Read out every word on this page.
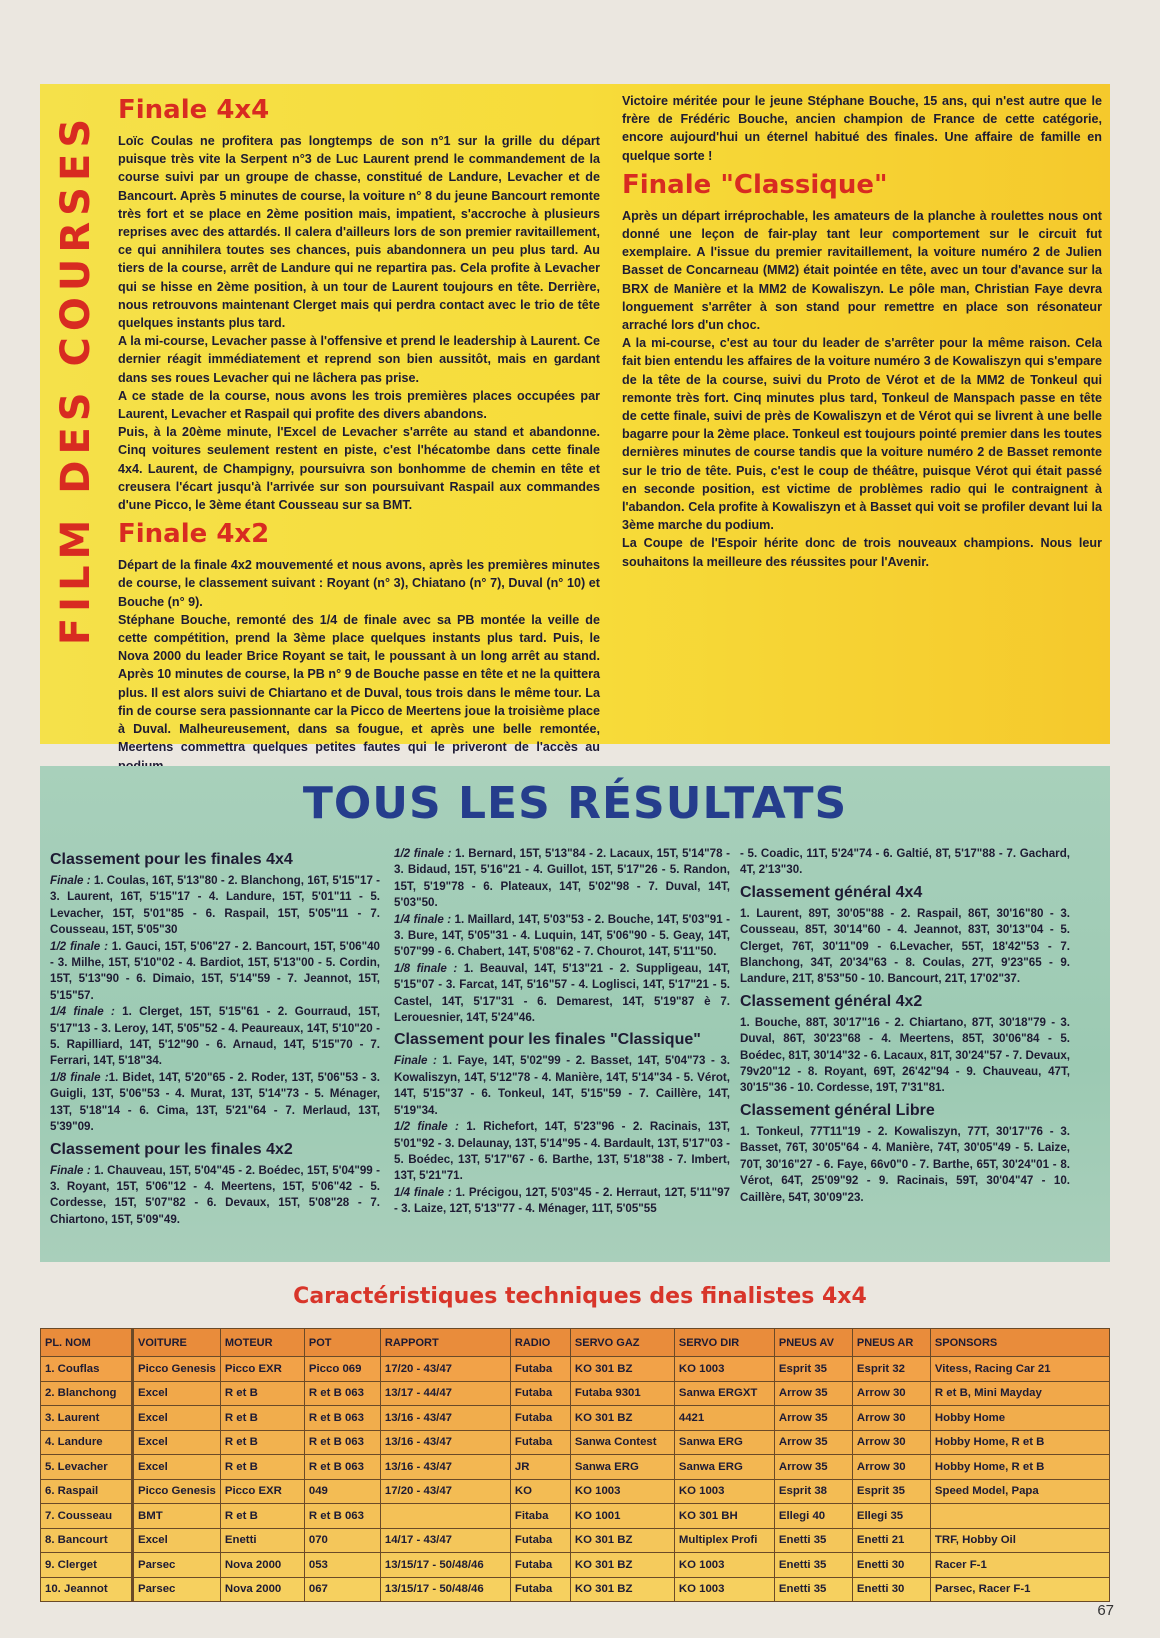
FILM DES COURSES
Finale 4x4

Loïc Coulas ne profitera pas longtemps de son n°1 sur la grille du départ puisque très vite la Serpent n°3 de Luc Laurent prend le commandement de la course suivi par un groupe de chasse, constitué de Landure, Levacher et de Bancourt. Après 5 minutes de course, la voiture n° 8 du jeune Bancourt remonte très fort et se place en 2ème position mais, impatient, s'accroche à plusieurs reprises avec des attardés. Il calera d'ailleurs lors de son premier ravitaillement, ce qui annihilera toutes ses chances, puis abandonnera un peu plus tard. Au tiers de la course, arrêt de Landure qui ne repartira pas. Cela profite à Levacher qui se hisse en 2ème position, à un tour de Laurent toujours en tête. Derrière, nous retrouvons maintenant Clerget mais qui perdra contact avec le trio de tête quelques instants plus tard.

A la mi-course, Levacher passe à l'offensive et prend le leadership à Laurent. Ce dernier réagit immédiatement et reprend son bien aussitôt, mais en gardant dans ses roues Levacher qui ne lâchera pas prise.

A ce stade de la course, nous avons les trois premières places occupées par Laurent, Levacher et Raspail qui profite des divers abandons.

Puis, à la 20ème minute, l'Excel de Levacher s'arrête au stand et abandonne. Cinq voitures seulement restent en piste, c'est l'hécatombe dans cette finale 4x4. Laurent, de Champigny, poursuivra son bonhomme de chemin en tête et creusera l'écart jusqu'à l'arrivée sur son poursuivant Raspail aux commandes d'une Picco, le 3ème étant Cousseau sur sa BMT.

Finale 4x2

Départ de la finale 4x2 mouvementé et nous avons, après les premières minutes de course, le classement suivant : Royant (n° 3), Chiatano (n° 7), Duval (n° 10) et Bouche (n° 9).

Stéphane Bouche, remonté des 1/4 de finale avec sa PB montée la veille de cette compétition, prend la 3ème place quelques instants plus tard. Puis, le Nova 2000 du leader Brice Royant se tait, le poussant à un long arrêt au stand. Après 10 minutes de course, la PB n° 9 de Bouche passe en tête et ne la quittera plus. Il est alors suivi de Chiartano et de Duval, tous trois dans le même tour. La fin de course sera passionnante car la Picco de Meertens joue la troisième place à Duval. Malheureusement, dans sa fougue, et après une belle remontée, Meertens commettra quelques petites fautes qui le priveront de l'accès au

Victoire méritée pour le jeune Stéphane Bouche, 15 ans, qui n'est autre que le frère de Frédéric Bouche, ancien champion de France de cette catégorie, encore aujourd'hui un éternel habitué des finales. Une affaire de famille en quelque sorte !

Finale "Classique"

Après un départ irréprochable, les amateurs de la planche à roulettes nous ont donné une leçon de fair-play tant leur comportement sur le circuit fut exemplaire. A l'issue du premier ravitaillement, la voiture numéro 2 de Julien Basset de Concarneau (MM2) était pointée en tête, avec un tour d'avance sur la BRX de Manière et la MM2 de Kowaliszyn. Le pôle man, Christian Faye devra longuement s'arrêter à son stand pour remettre en place son résonateur arraché lors d'un choc.

A la mi-course, c'est au tour du leader de s'arrêter pour la même raison. Cela fait bien entendu les affaires de la voiture numéro 3 de Kowaliszyn qui s'empare de la tête de la course, suivi du Proto de Vérot et de la MM2 de Tonkeul qui remonte très fort. Cinq minutes plus tard, Tonkeul de Manspach passe en tête de cette finale, suivi de près de Kowaliszyn et de Vérot qui se livrent à une belle bagarre pour la 2ème place. Tonkeul est toujours pointé premier dans les toutes dernières minutes de course tandis que la voiture numéro 2 de Basset remonte sur le trio de tête. Puis, c'est le coup de théâtre, puisque Vérot qui était passé en seconde position, est victime de problèmes radio qui le contraignent à l'abandon. Cela profite à Kowaliszyn et à Basset qui voit se profiler devant lui la 3ème marche du podium.

La Coupe de l'Espoir hérite donc de trois nouveaux champions. Nous leur souhaitons la meilleure des réussites pour l'Avenir.

TOUS LES RÉSULTATS
Classement pour les finales 4x4

Finale : 1. Coulas, 16T, 5'13"80 - 2. Blanchong, 16T, 5'15"17 - 3. Laurent, 16T, 5'15"17 - 4. Landure, 15T, 5'01"11 - 5. Levacher, 15T, 5'01"85 - 6. Raspail, 15T, 5'05"11 - 7. Cousseau, 15T, 5'05"30

1/2 finale : 1. Gauci, 15T, 5'06"27 - 2. Bancourt, 15T, 5'06"40 - 3. Milhe, 15T, 5'10"02 - 4. Bardiot, 15T, 5'13"00 - 5. Cordin, 15T, 5'13"90 - 6. Dimaio, 15T, 5'14"59 - 7. Jeannot, 15T, 5'15"57.

1/4 finale : 1. Clerget, 15T, 5'15"61 - 2. Gourraud, 15T, 5'17"13 - 3. Leroy, 14T, 5'05"52 - 4. Peaureaux, 14T, 5'10"20 - 5. Rapilliard, 14T, 5'12"90 - 6. Arnaud, 14T, 5'15"70 - 7. Ferrari, 14T, 5'18"34.

1/8 finale :1. Bidet, 14T, 5'20"65 - 2. Roder, 13T, 5'06"53 - 3. Guigli, 13T, 5'06"53 - 4. Murat, 13T, 5'14"73 - 5. Ménager, 13T, 5'18"14 - 6. Cima, 13T, 5'21"64 - 7. Merlaud, 13T, 5'39"09.

Classement pour les finales 4x2

Finale : 1. Chauveau, 15T, 5'04"45 - 2. Boédec, 15T, 5'04"99 - 3. Royant, 15T, 5'06"12 - 4. Meertens, 15T, 5'06"42 - 5. Cordesse, 15T, 5'07"82 - 6. Devaux, 15T, 5'08"28 - 7. Chiartono, 15T, 5'09"49.

1/2 finale : 1. Bernard, 15T, 5'13"84 - 2. Lacaux, 15T, 5'14"78 - 3. Bidaud, 15T, 5'16"21 - 4. Guillot, 15T, 5'17"26 - 5. Randon, 15T, 5'19"78 - 6. Plateaux, 14T, 5'02"98 - 7. Duval, 14T, 5'03"50.

1/4 finale : 1. Maillard, 14T, 5'03"53 - 2. Bouche, 14T, 5'03"91 - 3. Bure, 14T, 5'05"31 - 4. Luquin, 14T, 5'06"90 - 5. Geay, 14T, 5'07"99 - 6. Chabert, 14T, 5'08"62 - 7. Chourot, 14T, 5'11"50.

1/8 finale : 1. Beauval, 14T, 5'13"21 - 2. Suppligeau, 14T, 5'15"07 - 3. Farcat, 14T, 5'16"57 - 4. Loglisci, 14T, 5'17"21 - 5. Castel, 14T, 5'17"31 - 6. Demarest, 14T, 5'19"87 è 7. Lerouesnier, 14T, 5'24"46.

Classement pour les finales "Classique"

Finale : 1. Faye, 14T, 5'02"99 - 2. Basset, 14T, 5'04"73 - 3. Kowaliszyn, 14T, 5'12"78 - 4. Manière, 14T, 5'14"34 - 5. Vérot, 14T, 5'15"37 - 6. Tonkeul, 14T, 5'15"59 - 7. Caillère, 14T, 5'19"34.

1/2 finale : 1. Richefort, 14T, 5'23"96 - 2. Racinais, 13T, 5'01"92 - 3. Delaunay, 13T, 5'14"95 - 4. Bardault, 13T, 5'17"03 - 5. Boédec, 13T, 5'17"67 - 6. Barthe, 13T, 5'18"38 - 7. Imbert, 13T, 5'21"71.

1/4 finale : 1. Précigou, 12T, 5'03"45 - 2. Herraut, 12T, 5'11"97 - 3. Laize, 12T, 5'13"77 - 4. Ménager, 11T, 5'05"55

- 5. Coadic, 11T, 5'24"74 - 6. Galtié, 8T, 5'17"88 - 7. Gachard, 4T, 2'13"30.

Classement général 4x4

1. Laurent, 89T, 30'05"88 - 2. Raspail, 86T, 30'16"80 - 3. Cousseau, 85T, 30'14"60 - 4. Jeannot, 83T, 30'13"04 - 5. Clerget, 76T, 30'11"09 - 6.Levacher, 55T, 18'42"53 - 7. Blanchong, 34T, 20'34"63 - 8. Coulas, 27T, 9'23"65 - 9. Landure, 21T, 8'53"50 - 10. Bancourt, 21T, 17'02"37.

Classement général 4x2

1. Bouche, 88T, 30'17"16 - 2. Chiartano, 87T, 30'18"79 - 3. Duval, 86T, 30'23"68 - 4. Meertens, 85T, 30'06"84 - 5. Boédec, 81T, 30'14"32 - 6. Lacaux, 81T, 30'24"57 - 7. Devaux, 79v20"12 - 8. Royant, 69T, 26'42"94 - 9. Chauveau, 47T, 30'15"36 - 10. Cordesse, 19T, 7'31"81.

Classement général Libre

1. Tonkeul, 77T11"19 - 2. Kowaliszyn, 77T, 30'17"76 - 3. Basset, 76T, 30'05"64 - 4. Manière, 74T, 30'05"49 - 5. Laize, 70T, 30'16"27 - 6. Faye, 66v0"0 - 7. Barthe, 65T, 30'24"01 - 8. Vérot, 64T, 25'09"92 - 9. Racinais, 59T, 30'04"47 - 10. Caillère, 54T, 30'09"23.

Caractéristiques techniques des finalistes 4x4
PL. NOM	VOITURE	MOTEUR	POT	RAPPORT	RADIO	SERVO GAZ	SERVO DIR	PNEUS AV	PNEUS AR	SPONSORS
1. Couflas	Picco Genesis	Picco EXR	Picco 069	17/20 - 43/47	Futaba	KO 301 BZ	KO 1003	Esprit 35	Esprit 32	Vitess, Racing Car 21
2. Blanchong	Excel	R et B	R et B 063	13/17 - 44/47	Futaba	Futaba 9301	Sanwa ERGXT	Arrow 35	Arrow 30	R et B, Mini Mayday
3. Laurent	Excel	R et B	R et B 063	13/16 - 43/47	Futaba	KO 301 BZ	4421	Arrow 35	Arrow 30	Hobby Home
4. Landure	Excel	R et B	R et B 063	13/16 - 43/47	Futaba	Sanwa Contest	Sanwa ERG	Arrow 35	Arrow 30	Hobby Home, R et B
5. Levacher	Excel	R et B	R et B 063	13/16 - 43/47	JR	Sanwa ERG	Sanwa ERG	Arrow 35	Arrow 30	Hobby Home, R et B
6. Raspail	Picco Genesis	Picco EXR	049	17/20 - 43/47	KO	KO 1003	KO 1003	Esprit 38	Esprit 35	Speed Model, Papa
7. Cousseau	BMT	R et B	R et B 063		Fitaba	KO 1001	KO 301 BH	Ellegi 40	Ellegi 35	
8. Bancourt	Excel	Enetti	070	14/17 - 43/47	Futaba	KO 301 BZ	Multiplex Profi	Enetti 35	Enetti 21	TRF, Hobby Oil
9. Clerget	Parsec	Nova 2000	053	13/15/17 - 50/48/46	Futaba	KO 301 BZ	KO 1003	Enetti 35	Enetti 30	Racer F-1
10. Jeannot	Parsec	Nova 2000	067	13/15/17 - 50/48/46	Futaba	KO 301 BZ	KO 1003	Enetti 35	Enetti 30	Parsec, Racer F-1
67
